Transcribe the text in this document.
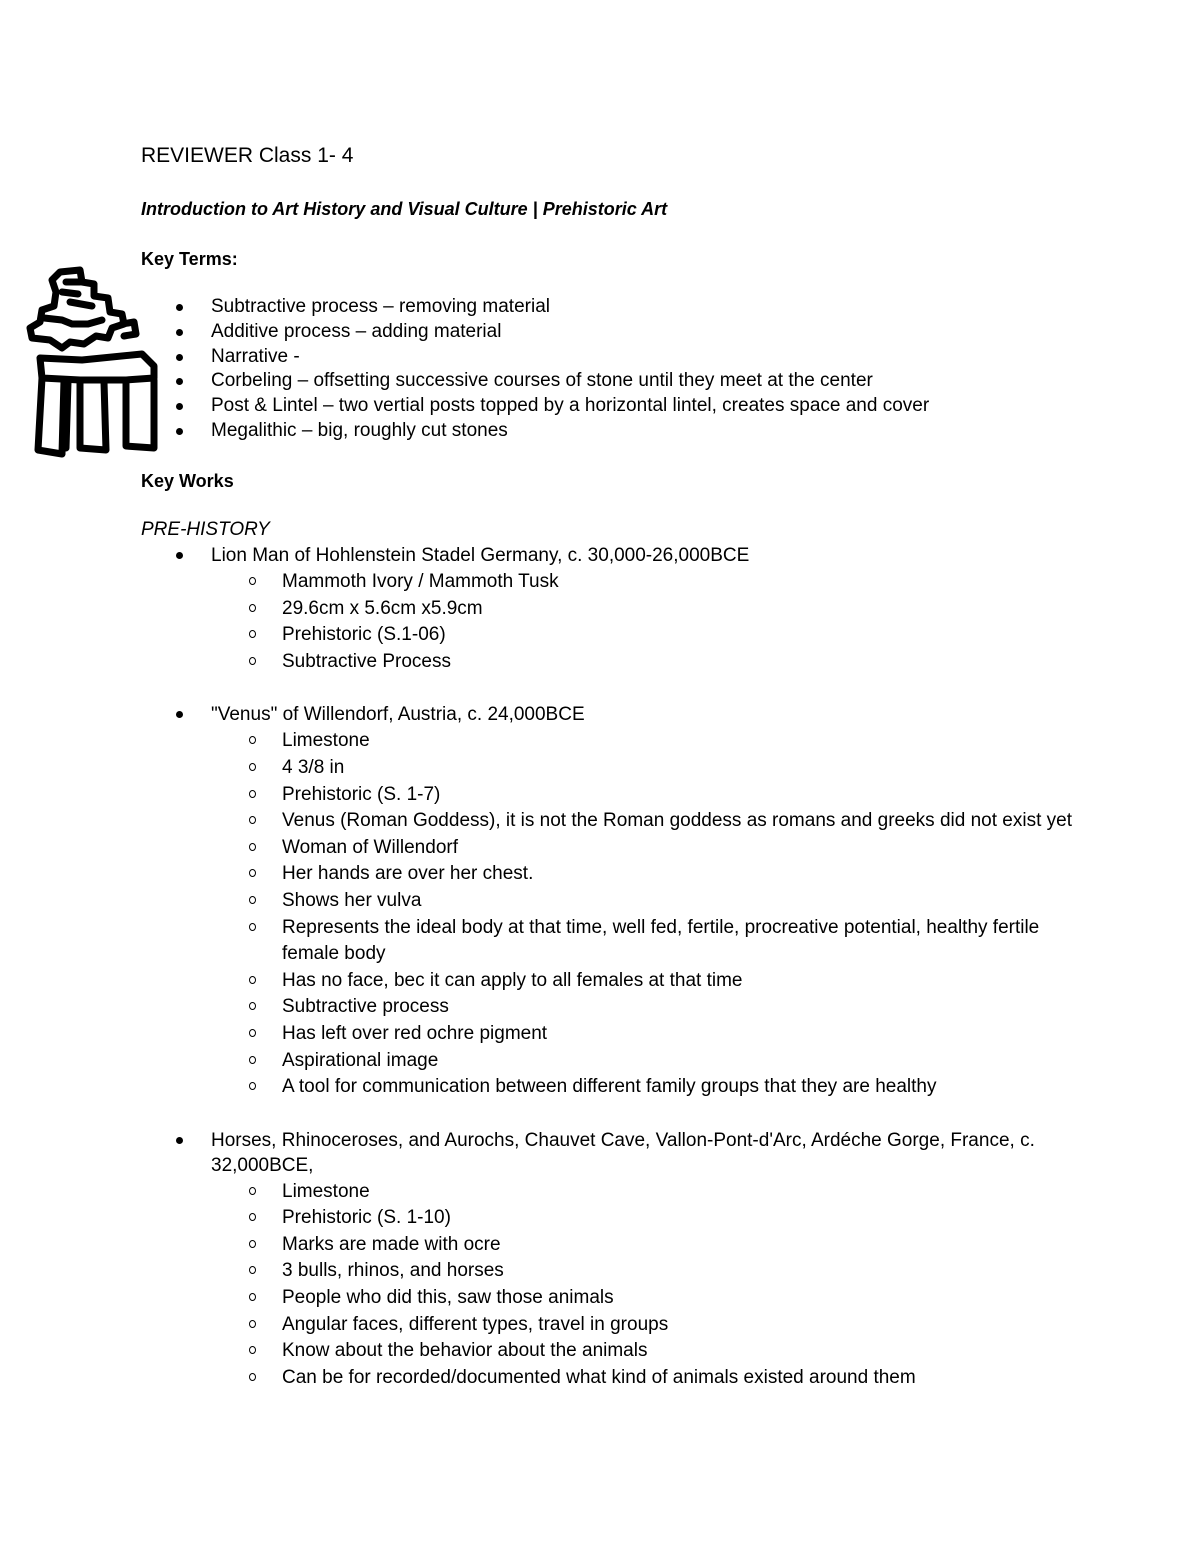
REVIEWER Class 1- 4
Introduction to Art History and Visual Culture | Prehistoric Art
Key Terms:
Subtractive process – removing material
Additive process – adding material
Narrative -
Corbeling – offsetting successive courses of stone until they meet at the center
Post & Lintel – two vertial posts topped by a horizontal lintel, creates space and cover
Megalithic – big, roughly cut stones
Key Works
PRE-HISTORY
Lion Man of Hohlenstein Stadel Germany, c. 30,000-26,000BCE
Mammoth Ivory / Mammoth Tusk
29.6cm x 5.6cm x5.9cm
Prehistoric (S.1-06)
Subtractive Process
"Venus" of Willendorf, Austria, c. 24,000BCE
Limestone
4 3/8 in
Prehistoric (S. 1-7)
Venus (Roman Goddess), it is not the Roman goddess as romans and greeks did not exist yet
Woman of Willendorf
Her hands are over her chest.
Shows her vulva
Represents the ideal body at that time, well fed, fertile, procreative potential, healthy fertile female body
Has no face, bec it can apply to all females at that time
Subtractive process
Has left over red ochre pigment
Aspirational image
A tool for communication between different family groups that they are healthy
Horses, Rhinoceroses, and Aurochs, Chauvet Cave, Vallon-Pont-d'Arc, Ardéche Gorge, France, c. 32,000BCE,
Limestone
Prehistoric (S. 1-10)
Marks are made with ocre
3 bulls, rhinos, and horses
People who did this, saw those animals
Angular faces, different types, travel in groups
Know about the behavior about the animals
Can be for recorded/documented what kind of animals existed around them
